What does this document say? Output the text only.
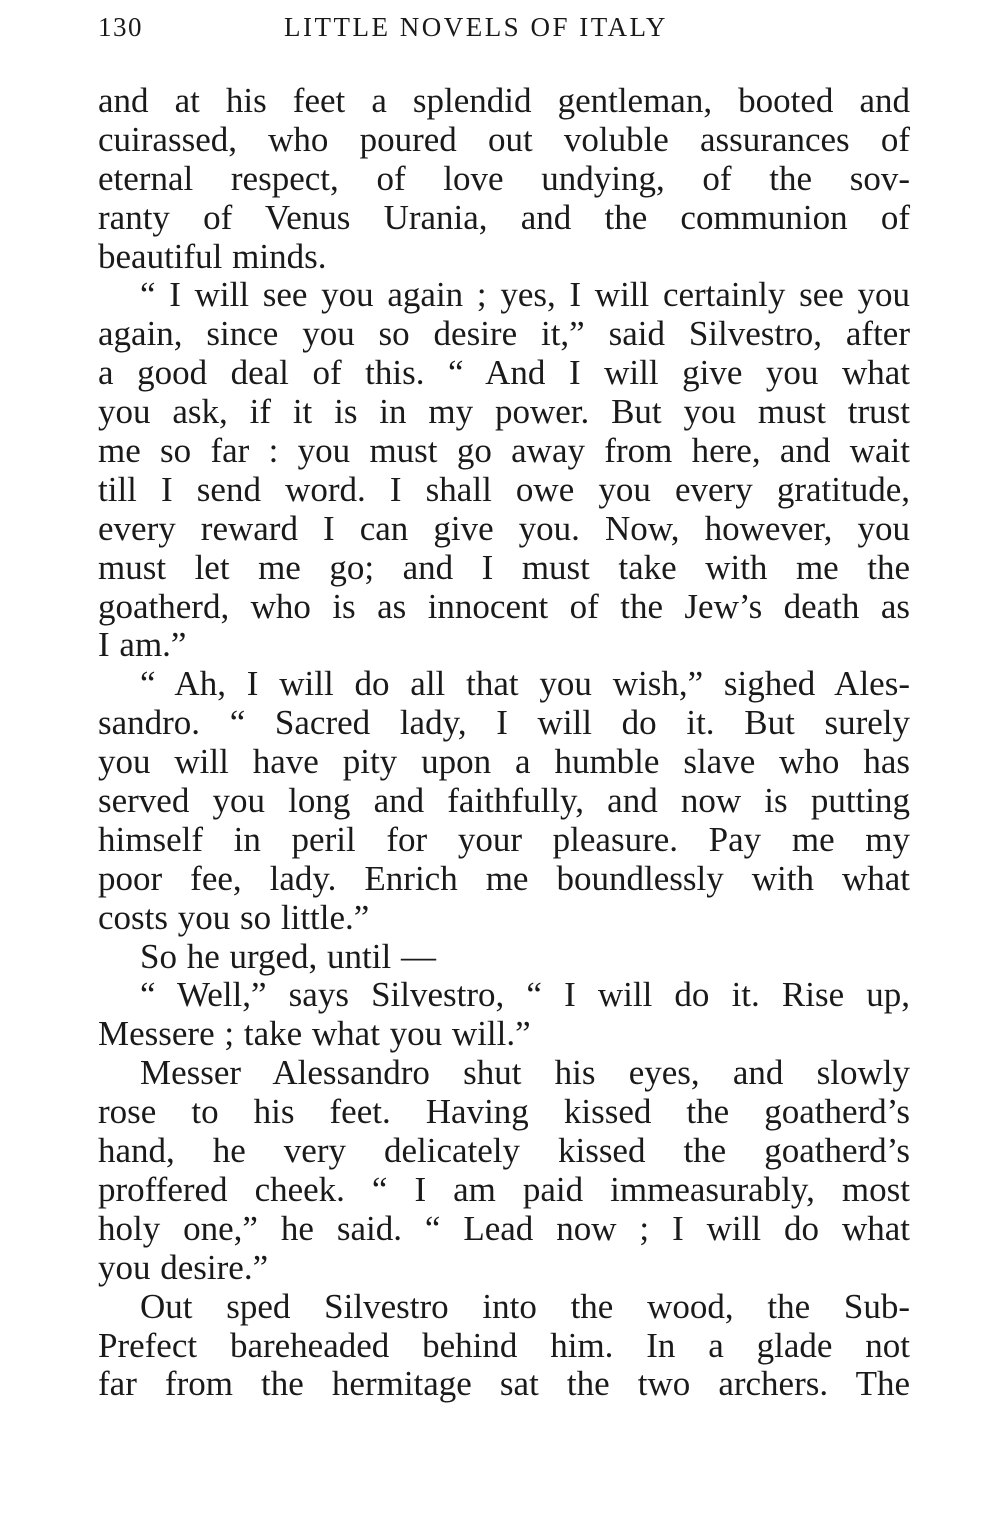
130	LITTLE NOVELS OF ITALY
and at his feet a splendid gentleman, booted and
cuirassed, who poured out voluble assurances of
eternal respect, of love undying, of the sov-
ranty of Venus Urania, and the communion of
beautiful minds.
“ I will see you again ; yes, I will certainly see you
again, since you so desire it,” said Silvestro, after
a good deal of this. “ And I will give you what
you ask, if it is in my power. But you must trust
me so far : you must go away from here, and wait
till I send word. I shall owe you every gratitude,
every reward I can give you. Now, however, you
must let me go; and I must take with me the
goatherd, who is as innocent of the Jew’s death as
I am.”
“ Ah, I will do all that you wish,” sighed Ales-
sandro. “ Sacred lady, I will do it. But surely
you will have pity upon a humble slave who has
served you long and faithfully, and now is putting
himself in peril for your pleasure. Pay me my
poor fee, lady. Enrich me boundlessly with what
costs you so little.”
So he urged, until —
“ Well,” says Silvestro, “ I will do it. Rise up,
Messere ; take what you will.”
Messer Alessandro shut his eyes, and slowly
rose to his feet. Having kissed the goatherd’s
hand, he very delicately kissed the goatherd’s
proffered cheek. “ I am paid immeasurably, most
holy one,” he said. “ Lead now ; I will do what
you desire.”
Out sped Silvestro into the wood, the Sub-
Prefect bareheaded behind him. In a glade not
far from the hermitage sat the two archers. The
